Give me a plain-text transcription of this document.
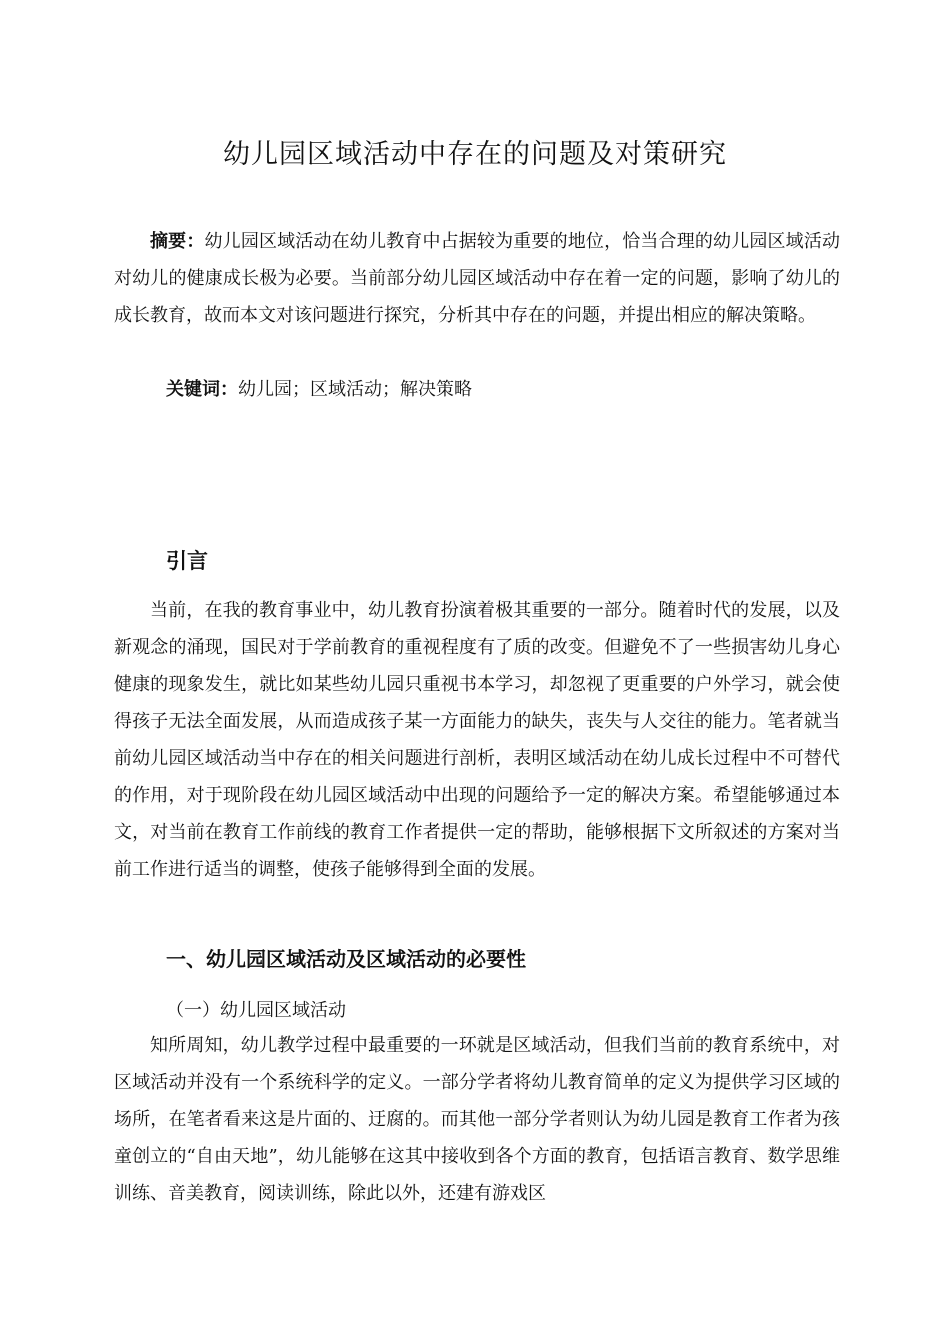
幼儿园区域活动中存在的问题及对策研究

摘要：幼儿园区域活动在幼儿教育中占据较为重要的地位，恰当合理的幼儿园区域活动对幼儿的健康成长极为必要。当前部分幼儿园区域活动中存在着一定的问题，影响了幼儿的成长教育，故而本文对该问题进行探究，分析其中存在的问题，并提出相应的解决策略。

关键词：幼儿园；区域活动；解决策略
引言

当前，在我的教育事业中，幼儿教育扮演着极其重要的一部分。随着时代的发展，以及新观念的涌现，国民对于学前教育的重视程度有了质的改变。但避免不了一些损害幼儿身心健康的现象发生，就比如某些幼儿园只重视书本学习，却忽视了更重要的户外学习，就会使得孩子无法全面发展，从而造成孩子某一方面能力的缺失，丧失与人交往的能力。笔者就当前幼儿园区域活动当中存在的相关问题进行剖析，表明区域活动在幼儿成长过程中不可替代的作用，对于现阶段在幼儿园区域活动中出现的问题给予一定的解决方案。希望能够通过本文，对当前在教育工作前线的教育工作者提供一定的帮助，能够根据下文所叙述的方案对当前工作进行适当的调整，使孩子能够得到全面的发展。

一、幼儿园区域活动及区域活动的必要性
（一）幼儿园区域活动

知所周知，幼儿教学过程中最重要的一环就是区域活动，但我们当前的教育系统中，对区域活动并没有一个系统科学的定义。一部分学者将幼儿教育简单的定义为提供学习区域的场所，在笔者看来这是片面的、迂腐的。而其他一部分学者则认为幼儿园是教育工作者为孩童创立的“自由天地”，幼儿能够在这其中接收到各个方面的教育，包括语言教育、数学思维训练、音美教育，阅读训练，除此以外，还建有游戏区
